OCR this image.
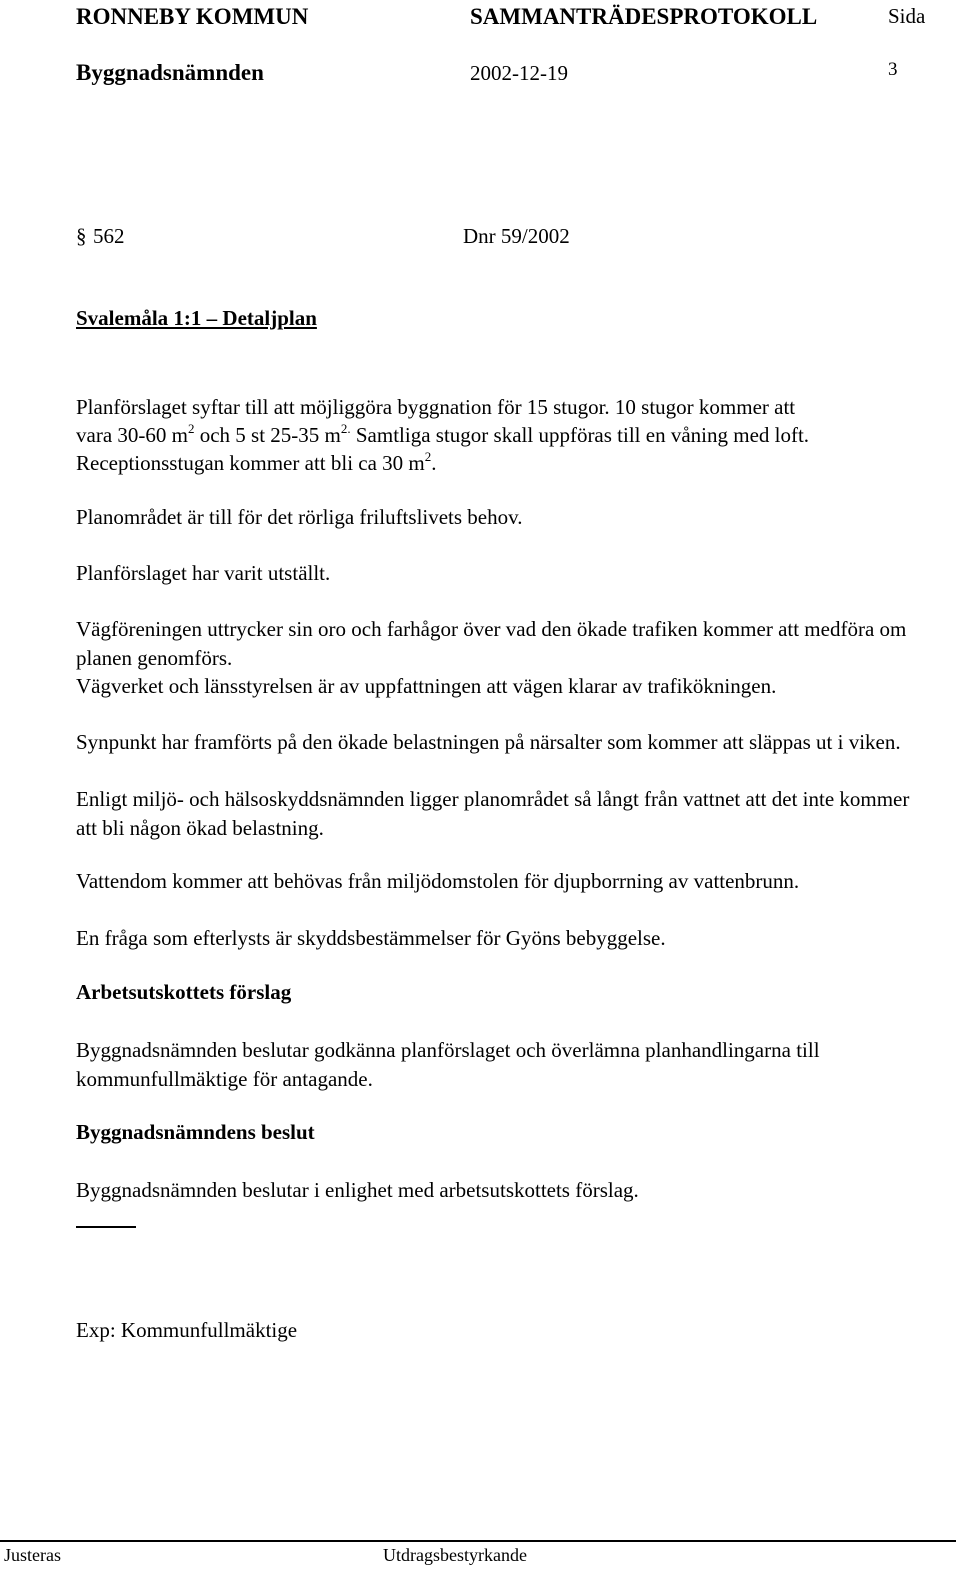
RONNEBY KOMMUN	SAMMANTRÄDESPROTOKOLL	Sida
Byggnadsnämnden	2002-12-19	3
§ 562	Dnr 59/2002
Svalemåla 1:1 – Detaljplan
Planförslaget syftar till att möjliggöra byggnation för 15 stugor. 10 stugor kommer att
vara 30-60 $m^2$ och 5 st 25-35 $m^{2.}$ Samtliga stugor skall uppföras till en våning med loft.
Receptionsstugan kommer att bli ca 30 $m^2$.
Planområdet är till för det rörliga friluftslivets behov.
Planförslaget har varit utställt.
Vägföreningen uttrycker sin oro och farhågor över vad den ökade trafiken kommer att medföra om planen genomförs.
Vägverket och länsstyrelsen är av uppfattningen att vägen klarar av trafikökningen.
Synpunkt har framförts på den ökade belastningen på närsalter som kommer att släppas ut i viken.
Enligt miljö- och hälsoskyddsnämnden ligger planområdet så långt från vattnet att det inte kommer att bli någon ökad belastning.
Vattendom kommer att behövas från miljödomstolen för djupborrning av vattenbrunn.
En fråga som efterlysts är skyddsbestämmelser för Gyöns bebyggelse.
Arbetsutskottets förslag
Byggnadsnämnden beslutar godkänna planförslaget och överlämna planhandlingarna till kommunfullmäktige för antagande.
Byggnadsnämndens beslut
Byggnadsnämnden beslutar i enlighet med arbetsutskottets förslag.
Exp: Kommunfullmäktige
Justeras	Utdragsbestyrkande
